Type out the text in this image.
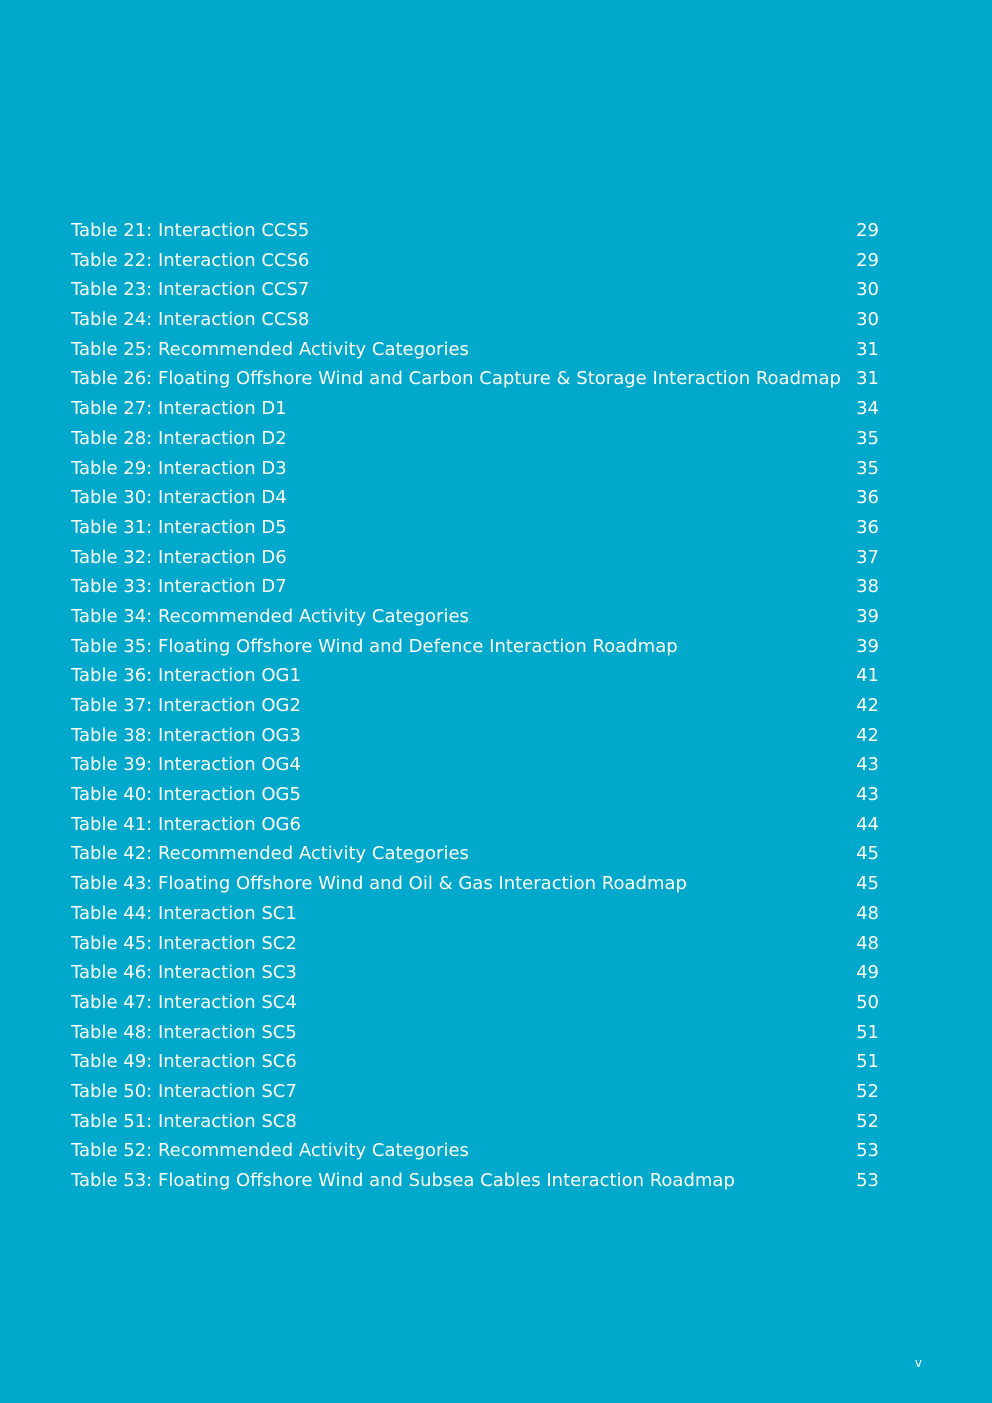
Table 21: Interaction CCS5	29
Table 22: Interaction CCS6	29
Table 23: Interaction CCS7	30
Table 24: Interaction CCS8	30
Table 25: Recommended Activity Categories	31
Table 26: Floating Offshore Wind and Carbon Capture & Storage Interaction Roadmap 31
Table 27: Interaction D1	34
Table 28: Interaction D2	35
Table 29: Interaction D3	35
Table 30: Interaction D4	36
Table 31: Interaction D5	36
Table 32: Interaction D6	37
Table 33: Interaction D7	38
Table 34: Recommended Activity Categories	39
Table 35: Floating Offshore Wind and Defence Interaction Roadmap	39
Table 36: Interaction OG1	41
Table 37: Interaction OG2	42
Table 38: Interaction OG3	42
Table 39: Interaction OG4	43
Table 40: Interaction OG5	43
Table 41: Interaction OG6	44
Table 42: Recommended Activity Categories	45
Table 43: Floating Offshore Wind and Oil & Gas Interaction Roadmap	45
Table 44: Interaction SC1	48
Table 45: Interaction SC2	48
Table 46: Interaction SC3	49
Table 47: Interaction SC4	50
Table 48: Interaction SC5	51
Table 49: Interaction SC6	51
Table 50: Interaction SC7	52
Table 51: Interaction SC8	52
Table 52: Recommended Activity Categories	53
Table 53: Floating Offshore Wind and Subsea Cables Interaction Roadmap	53
v
